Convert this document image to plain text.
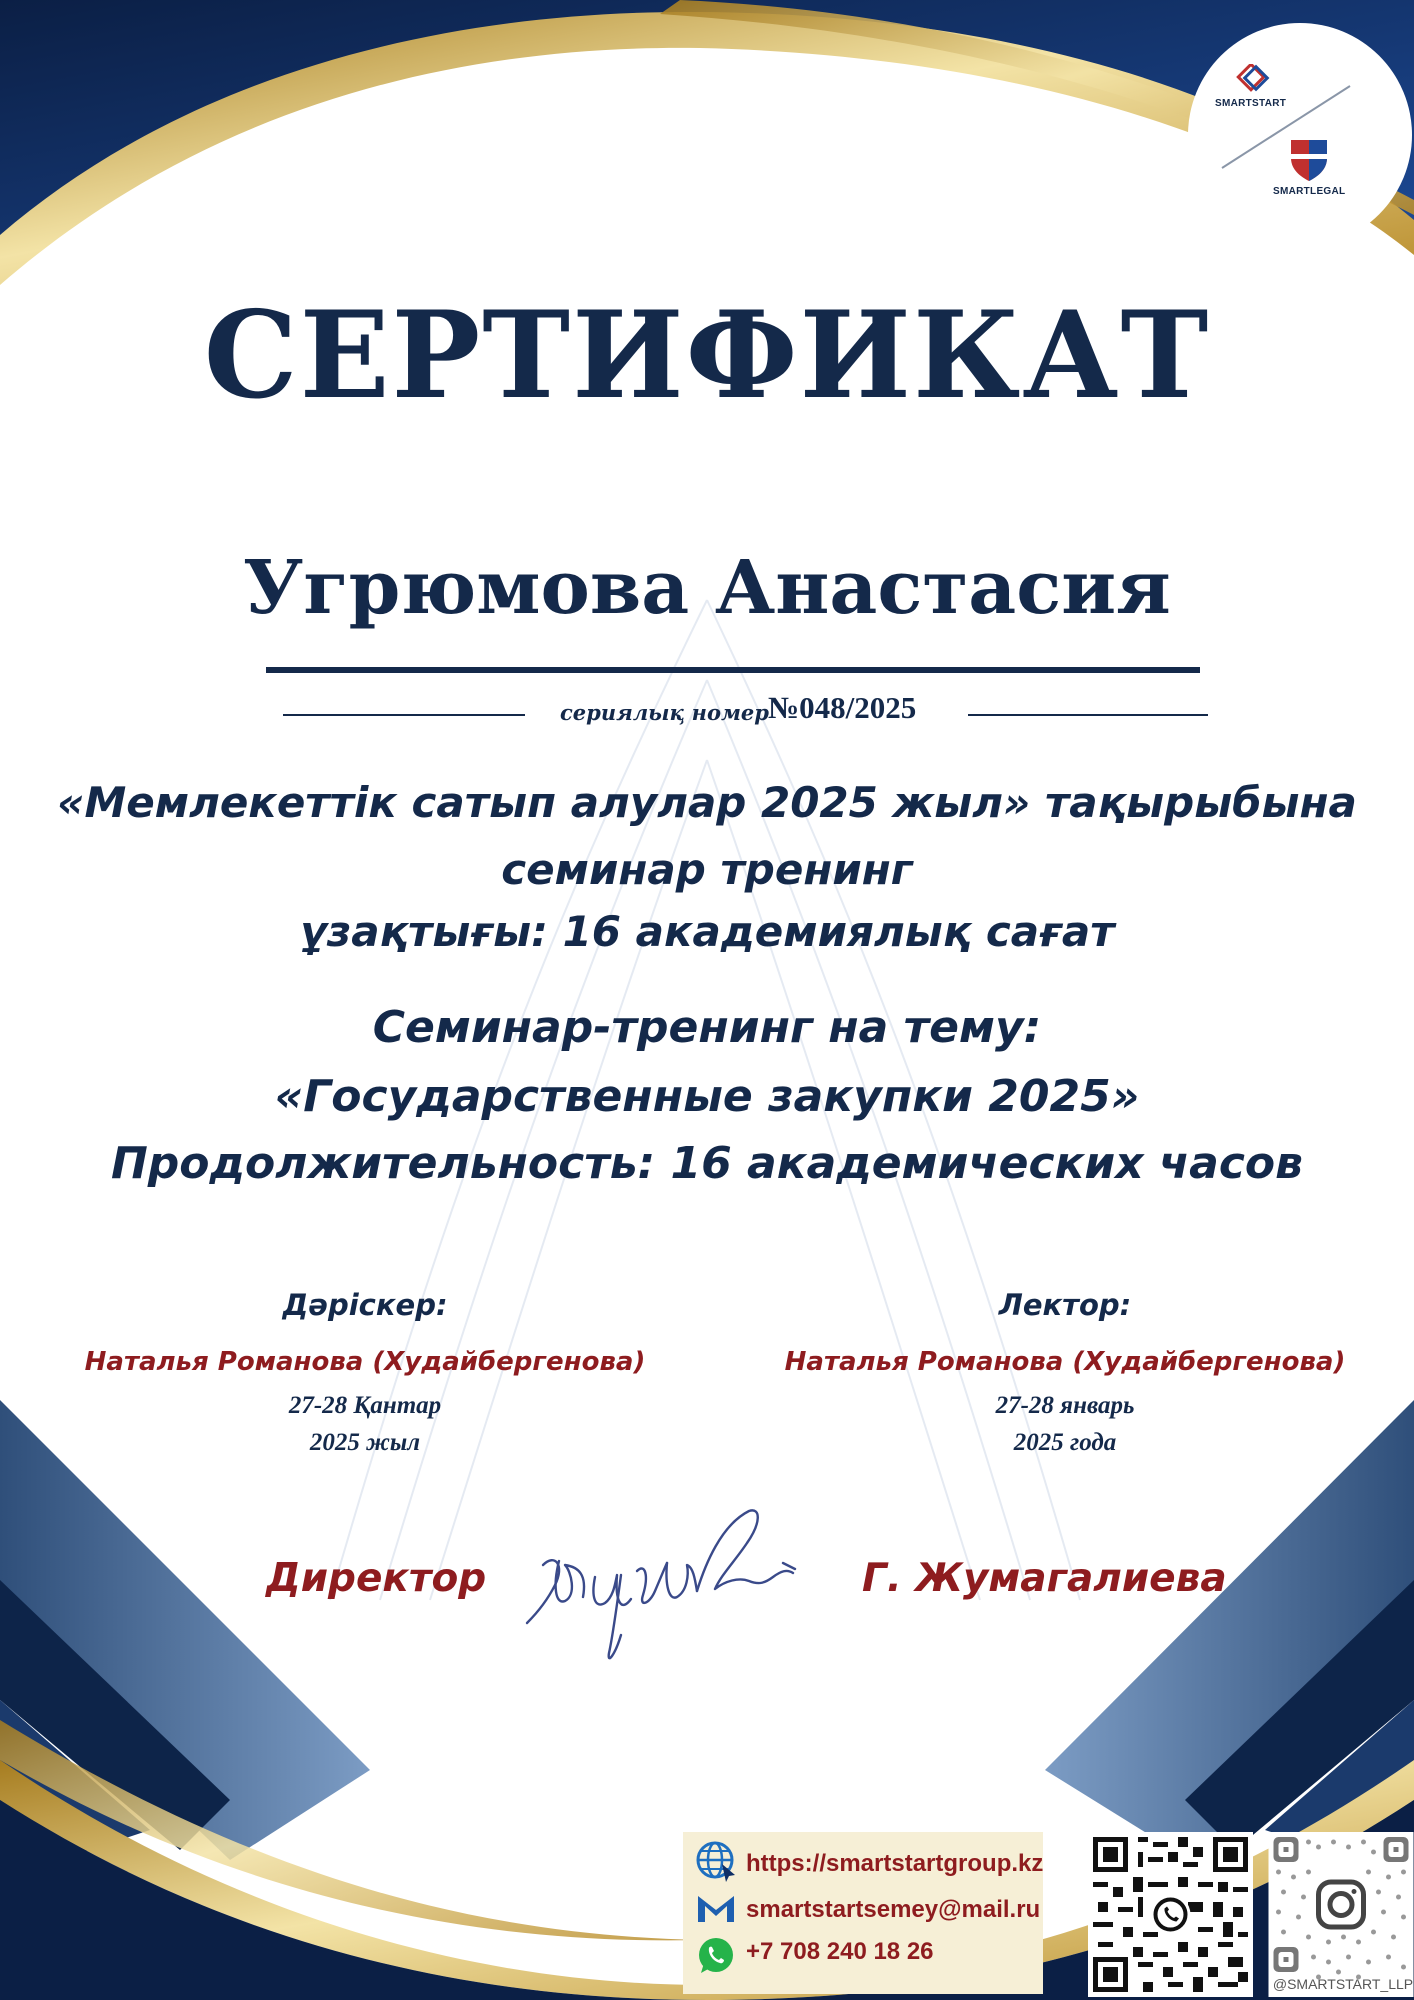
SMARTSTART
SMARTLEGAL
СЕРТИФИКАТ
Угрюмова Анастасия
сериялық номер №048/2025
«Мемлекеттік сатып алулар 2025 жыл» тақырыбына
семинар тренинг
ұзақтығы: 16 академиялық сағат
Семинар-тренинг на тему:
«Государственные закупки 2025»
Продолжительность: 16 академических часов
Дәріскер:
Наталья Романова (Худайбергенова)
27-28 Қантар
2025 жыл
Лектор:
Наталья Романова (Худайбергенова)
27-28 январь
2025 года
Директор	Г. Жумагалиева
https://smartstartgroup.kz
smartstartsemey@mail.ru
+7 708 240 18 26
@SMARTSTART_LLP
